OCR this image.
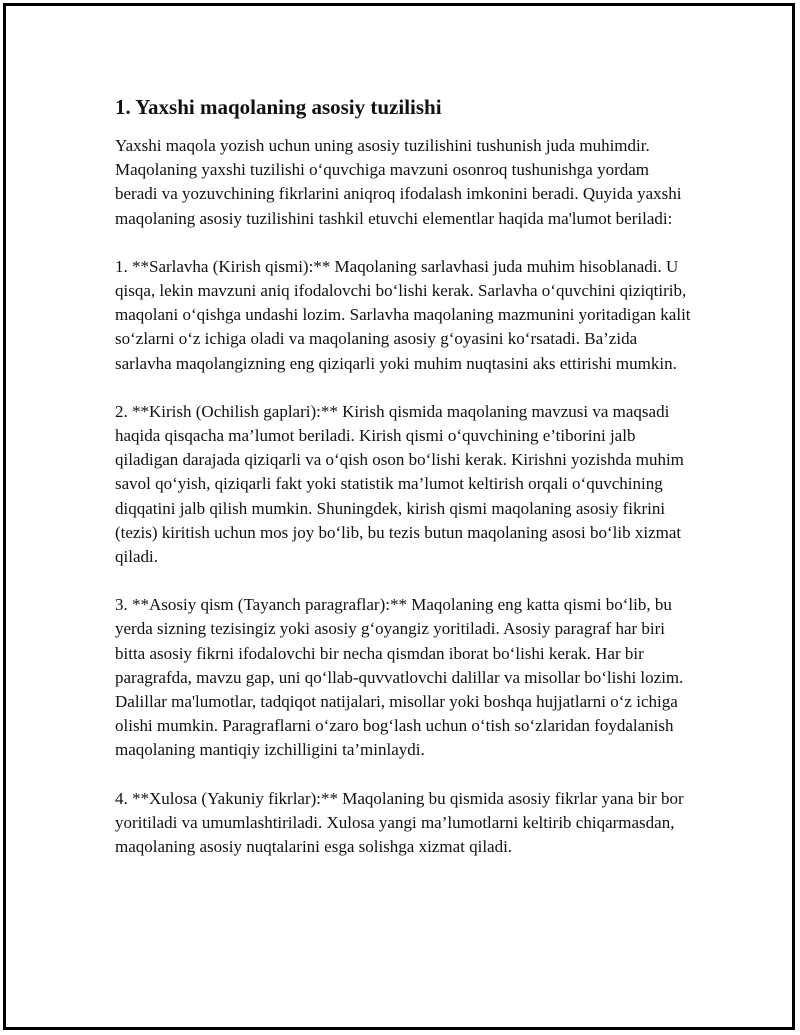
1. Yaxshi maqolaning asosiy tuzilishi

Yaxshi maqola yozish uchun uning asosiy tuzilishini tushunish juda muhimdir. Maqolaning yaxshi tuzilishi o‘quvchiga mavzuni osonroq tushunishga yordam beradi va yozuvchining fikrlarini aniqroq ifodalash imkonini beradi. Quyida yaxshi maqolaning asosiy tuzilishini tashkil etuvchi elementlar haqida ma'lumot beriladi:

1. **Sarlavha (Kirish qismi):** Maqolaning sarlavhasi juda muhim hisoblanadi. U qisqa, lekin mavzuni aniq ifodalovchi bo‘lishi kerak. Sarlavha o‘quvchini qiziqtirib, maqolani o‘qishga undashi lozim. Sarlavha maqolaning mazmunini yoritadigan kalit so‘zlarni o‘z ichiga oladi va maqolaning asosiy g‘oyasini ko‘rsatadi. Ba’zida sarlavha maqolangizning eng qiziqarli yoki muhim nuqtasini aks ettirishi mumkin.

2. **Kirish (Ochilish gaplari):** Kirish qismida maqolaning mavzusi va maqsadi haqida qisqacha ma’lumot beriladi. Kirish qismi o‘quvchining e’tiborini jalb qiladigan darajada qiziqarli va o‘qish oson bo‘lishi kerak. Kirishni yozishda muhim savol qo‘yish, qiziqarli fakt yoki statistik ma’lumot keltirish orqali o‘quvchining diqqatini jalb qilish mumkin. Shuningdek, kirish qismi maqolaning asosiy fikrini (tezis) kiritish uchun mos joy bo‘lib, bu tezis butun maqolaning asosi bo‘lib xizmat qiladi.

3. **Asosiy qism (Tayanch paragraflar):** Maqolaning eng katta qismi bo‘lib, bu yerda sizning tezisingiz yoki asosiy g‘oyangiz yoritiladi. Asosiy paragraf har biri bitta asosiy fikrni ifodalovchi bir necha qismdan iborat bo‘lishi kerak. Har bir paragrafda, mavzu gap, uni qo‘llab-quvvatlovchi dalillar va misollar bo‘lishi lozim. Dalillar ma'lumotlar, tadqiqot natijalari, misollar yoki boshqa hujjatlarni o‘z ichiga olishi mumkin. Paragraflarni o‘zaro bog‘lash uchun o‘tish so‘zlaridan foydalanish maqolaning mantiqiy izchilligini ta’minlaydi.

4. **Xulosa (Yakuniy fikrlar):** Maqolaning bu qismida asosiy fikrlar yana bir bor yoritiladi va umumlashtiriladi. Xulosa yangi ma’lumotlarni keltirib chiqarmasdan, maqolaning asosiy nuqtalarini esga solishga xizmat qiladi.
